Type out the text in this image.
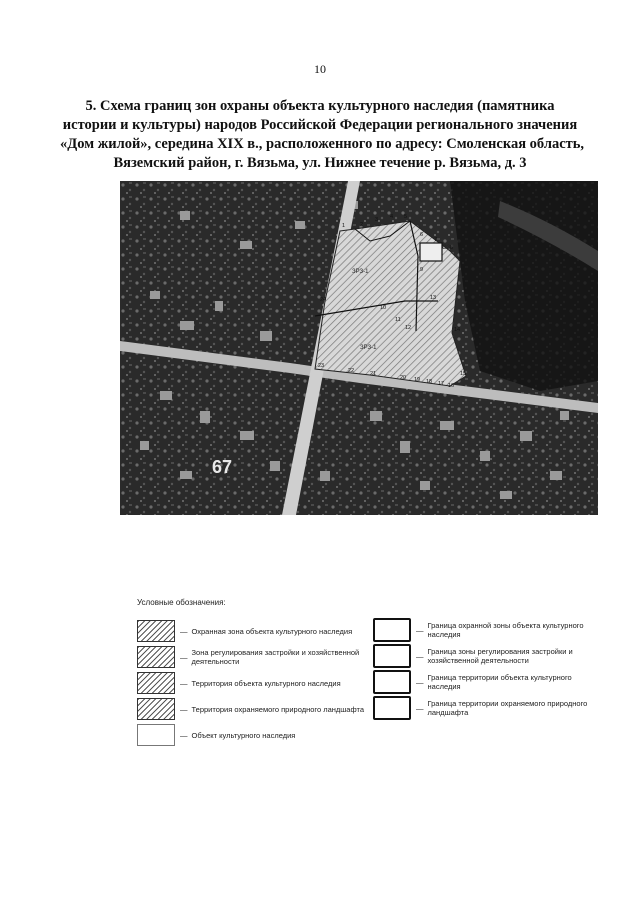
10
5. Схема границ зон охраны объекта культурного наследия (памятника
истории и культуры) народов Российской Федерации регионального значения
«Дом жилой», середина XIX в., расположенного по адресу: Смоленская область,
Вяземский район, г. Вязьма, ул. Нижнее течение р. Вязьма, д. 3
ЗРЗ-1
ЗРЗ-1
ОЗ
1	2
3 4 5
6
7
8
9
10
11
12
13
14
15
16
17
18
19
20
21
22
23
24
67
Условные обозначения:
— Охранная зона объекта культурного наследия
— Зона регулирования застройки и хозяйственной деятельности
— Территория объекта культурного наследия
— Территория охраняемого природного ландшафта
— Объект культурного наследия
— Граница охранной зоны объекта культурного наследия
— Граница зоны регулирования застройки и хозяйственной деятельности
— Граница территории объекта культурного наследия
— Граница территории охраняемого природного ландшафта
